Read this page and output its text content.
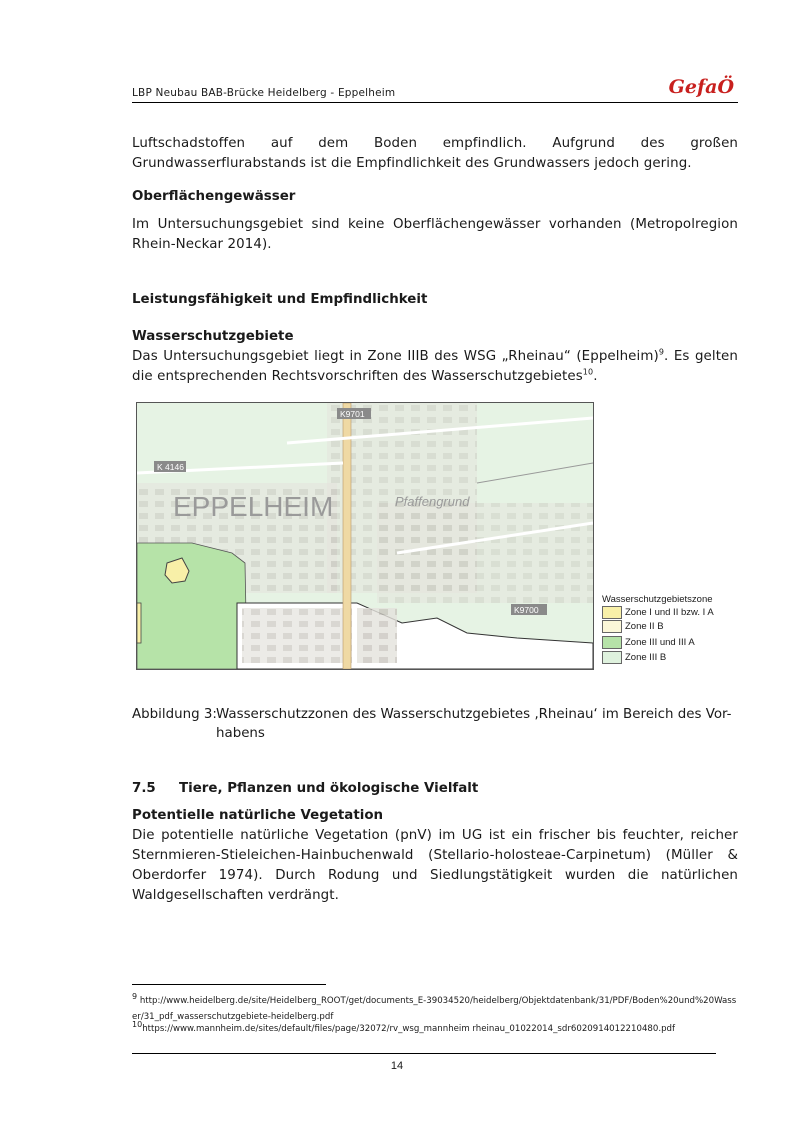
LBP Neubau BAB-Brücke Heidelberg - Eppelheim	GefaÖ
Luftschadstoffen auf dem Boden empfindlich. Aufgrund des großen Grundwasserflurabstands ist die Empfindlichkeit des Grundwassers jedoch gering.
Oberflächengewässer
Im Untersuchungsgebiet sind keine Oberflächengewässer vorhanden (Metropolregion Rhein-Neckar 2014).
Leistungsfähigkeit und Empfindlichkeit
Wasserschutzgebiete
Das Untersuchungsgebiet liegt in Zone IIIB des WSG „Rheinau“ (Eppelheim)$^9$. Es gelten die entsprechenden Rechtsvorschriften des Wasserschutzgebietes$^{10}$.
EPPELHEIM	Pfaffengrund
K9701
K 4146
K9700
Wasserschutzgebietszone
Zone I und II bzw. I A
Zone II B
Zone III und III A
Zone III B
Abbildung 3: Wasserschutzzonen des Wasserschutzgebietes ‚Rheinau‘ im Bereich des Vor-
habens
7.5 Tiere, Pflanzen und ökologische Vielfalt
Potentielle natürliche Vegetation
Die potentielle natürliche Vegetation (pnV) im UG ist ein frischer bis feuchter, reicher Sternmieren-Stieleichen-Hainbuchenwald (Stellario-holosteae-Carpinetum) (Müller & Oberdorfer 1974). Durch Rodung und Siedlungstätigkeit wurden die natürlichen Waldgesellschaften verdrängt.
9 http://www.heidelberg.de/site/Heidelberg_ROOT/get/documents_E-39034520/heidelberg/Objektdatenbank/31/PDF/Boden%20und%20Wasser/31_pdf_wasserschutzgebiete-heidelberg.pdf
10https://www.mannheim.de/sites/default/files/page/32072/rv_wsg_mannheim rheinau_01022014_sdr6020914012210480.pdf
14
